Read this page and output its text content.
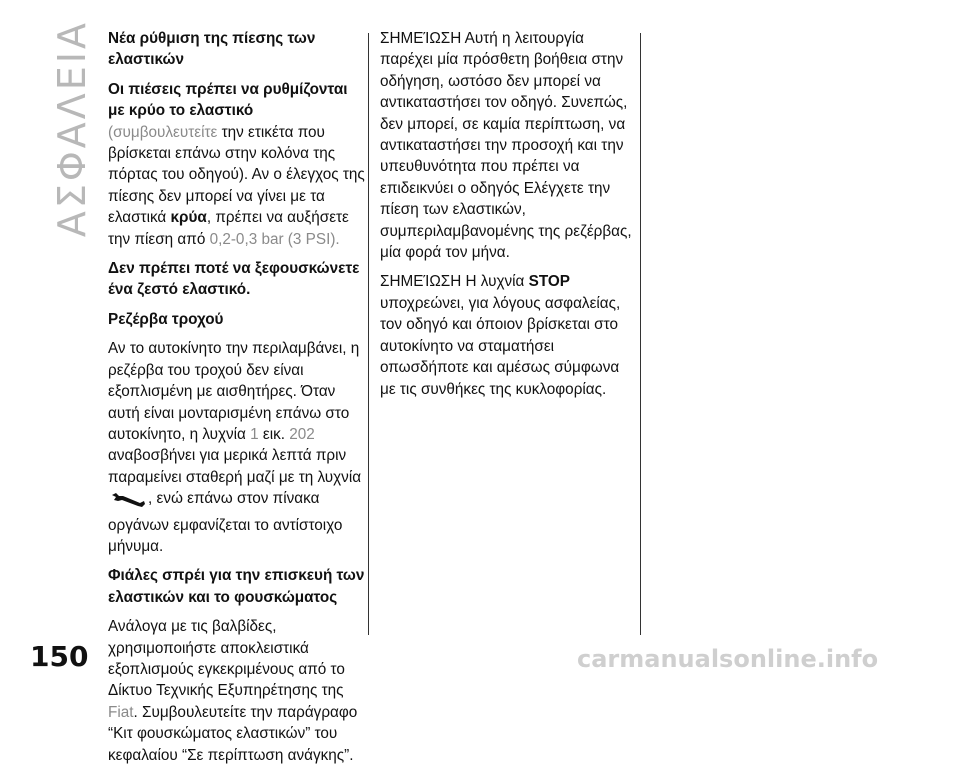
ΑΣΦΑΛΕΙΑ Νέα ρύθμιση της πίεσης των ελαστικών

Οι πιέσεις πρέπει να ρυθμίζονται με κρύο το ελαστικό (συμβουλευτείτε την ετικέτα που βρίσκεται επάνω στην κολόνα της πόρτας του οδηγού). Αν ο έλεγχος της πίεσης δεν μπορεί να γίνει με τα ελαστικά κρύα, πρέπει να αυξήσετε την πίεση από 0,2-0,3 bar (3 PSI).

Δεν πρέπει ποτέ να ξεφουσκώνετε ένα ζεστό ελαστικό.

Ρεζέρβα τροχού

Αν το αυτοκίνητο την περιλαμβάνει, η ρεζέρβα του τροχού δεν είναι εξοπλισμένη με αισθητήρες. Όταν αυτή είναι μονταρισμένη επάνω στο αυτοκίνητο, η λυχνία 1 εικ. 202 αναβοσβήνει για μερικά λεπτά πριν παραμείνει σταθερή μαζί με τη λυχνία , ενώ επάνω στον πίνακα οργάνων εμφανίζεται το αντίστοιχο μήνυμα.

Φιάλες σπρέι για την επισκευή των ελαστικών και το φουσκώματος

Ανάλογα με τις βαλβίδες, χρησιμοποιήστε αποκλειστικά εξοπλισμούς εγκεκριμένους από το Δίκτυο Τεχνικής Εξυπηρέτησης της Fiat. Συμβουλευτείτε την παράγραφο “Κιτ φουσκώματος ελαστικών” του κεφαλαίου “Σε περίπτωση ανάγκης”.

ΣΗΜΕΊΩΣΗ Αυτή η λειτουργία παρέχει μία πρόσθετη βοήθεια στην οδήγηση, ωστόσο δεν μπορεί να αντικαταστήσει τον οδηγό. Συνεπώς, δεν μπορεί, σε καμία περίπτωση, να αντικαταστήσει την προσοχή και την υπευθυνότητα που πρέπει να επιδεικνύει ο οδηγός Ελέγχετε την πίεση των ελαστικών, συμπεριλαμβανομένης της ρεζέρβας, μία φορά τον μήνα.

ΣΗΜΕΊΩΣΗ Η λυχνία STOP υποχρεώνει, για λόγους ασφαλείας, τον οδηγό και όποιον βρίσκεται στο αυτοκίνητο να σταματήσει οπωσδήποτε και αμέσως σύμφωνα με τις συνθήκες της κυκλοφορίας.

150	carmanualsonline.info
